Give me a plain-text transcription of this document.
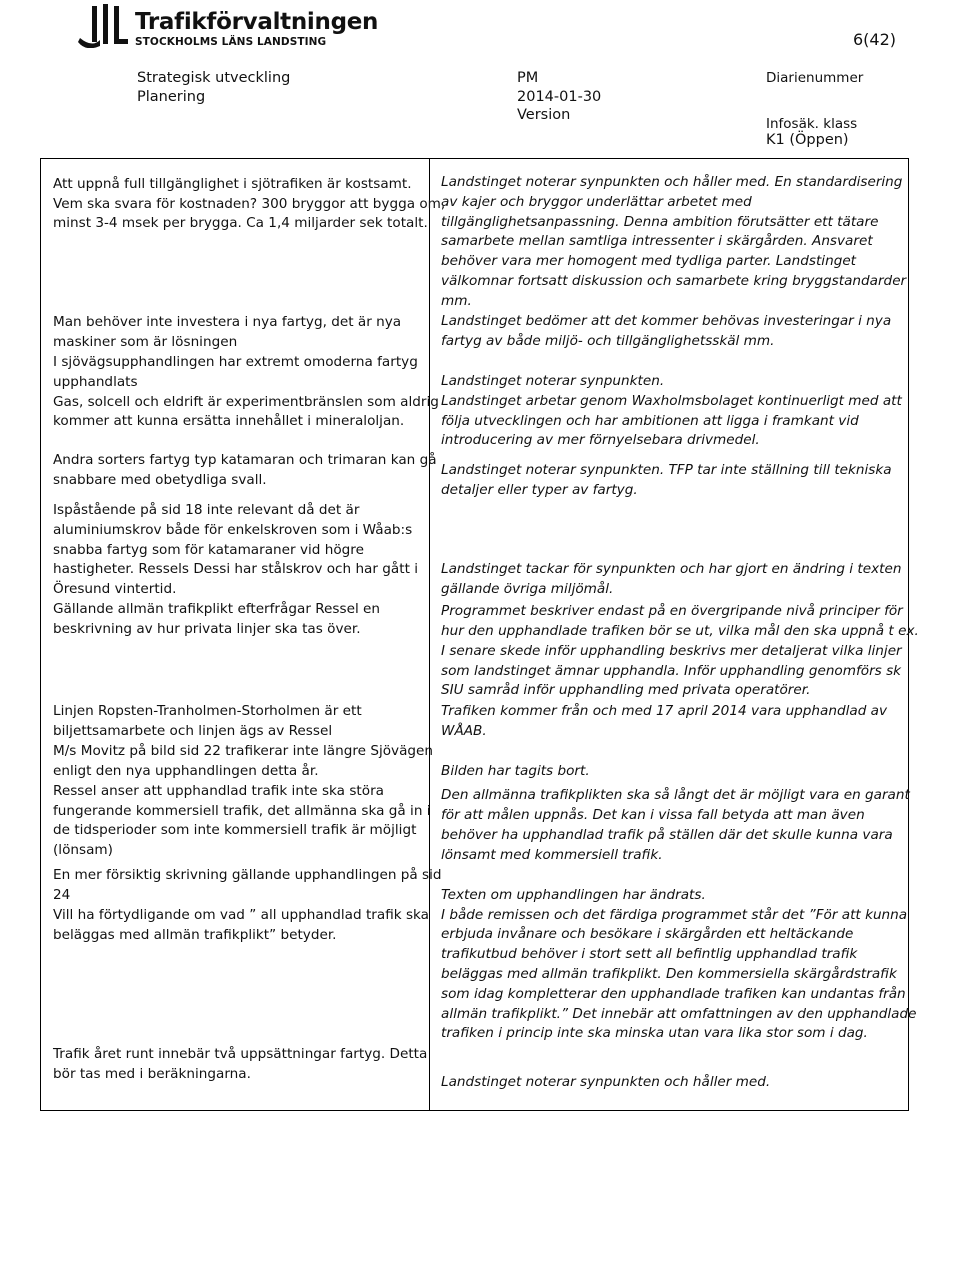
Trafikförvaltningen
STOCKHOLMS LÄNS LANDSTING	6(42)
Strategisk utveckling
Planering
PM
2014-01-30
Version
Diarienummer
Infosäk. klass
K1 (Öppen)
Att uppnå full tillgänglighet i sjötrafiken är kostsamt.
Vem ska svara för kostnaden? 300 bryggor att bygga om,
minst 3-4 msek per brygga. Ca 1,4 miljarder sek totalt.
Man behöver inte investera i nya fartyg, det är nya
maskiner som är lösningen
I sjövägsupphandlingen har extremt omoderna fartyg
upphandlats
Gas, solcell och eldrift är experimentbränslen som aldrig
kommer att kunna ersätta innehållet i mineraloljan.
Andra sorters fartyg typ katamaran och trimaran kan gå
snabbare med obetydliga svall.
Ispåstående på sid 18 inte relevant då det är
aluminiumskrov både för enkelskroven som i Wåab:s
snabba fartyg som för katamaraner vid högre
hastigheter. Ressels Dessi har stålskrov och har gått i
Öresund vintertid.
Gällande allmän trafikplikt efterfrågar Ressel en
beskrivning av hur privata linjer ska tas över.
Linjen Ropsten-Tranholmen-Storholmen är ett
biljettsamarbete och linjen ägs av Ressel
M/s Movitz på bild sid 22 trafikerar inte längre Sjövägen
enligt den nya upphandlingen detta år.
Ressel anser att upphandlad trafik inte ska störa
fungerande kommersiell trafik, det allmänna ska gå in i
de tidsperioder som inte kommersiell trafik är möjligt
(lönsam)
En mer försiktig skrivning gällande upphandlingen på sid
24
Vill ha förtydligande om vad ” all upphandlad trafik ska
beläggas med allmän trafikplikt” betyder.
Trafik året runt innebär två uppsättningar fartyg. Detta
bör tas med i beräkningarna.
Landstinget noterar synpunkten och håller med. En standardisering
av kajer och bryggor underlättar arbetet med
tillgänglighetsanpassning. Denna ambition förutsätter ett tätare
samarbete mellan samtliga intressenter i skärgården. Ansvaret
behöver vara mer homogent med tydliga parter. Landstinget
välkomnar fortsatt diskussion och samarbete kring bryggstandarder
mm.
Landstinget bedömer att det kommer behövas investeringar i nya
fartyg av både miljö- och tillgänglighetsskäl mm.
Landstinget noterar synpunkten.
Landstinget arbetar genom Waxholmsbolaget kontinuerligt med att
följa utvecklingen och har ambitionen att ligga i framkant vid
introducering av mer förnyelsebara drivmedel.
Landstinget noterar synpunkten. TFP tar inte ställning till tekniska
detaljer eller typer av fartyg.
Landstinget tackar för synpunkten och har gjort en ändring i texten
gällande övriga miljömål.
Programmet beskriver endast på en övergripande nivå principer för
hur den upphandlade trafiken bör se ut, vilka mål den ska uppnå t ex.
I senare skede inför upphandling beskrivs mer detaljerat vilka linjer
som landstinget ämnar upphandla. Inför upphandling genomförs sk
SIU samråd inför upphandling med privata operatörer.
Trafiken kommer från och med 17 april 2014 vara upphandlad av
WÅAB.
Bilden har tagits bort.
Den allmänna trafikplikten ska så långt det är möjligt vara en garant
för att målen uppnås. Det kan i vissa fall betyda att man även
behöver ha upphandlad trafik på ställen där det skulle kunna vara
lönsamt med kommersiell trafik.
Texten om upphandlingen har ändrats.
I både remissen och det färdiga programmet står det ”För att kunna
erbjuda invånare och besökare i skärgården ett heltäckande
trafikutbud behöver i stort sett all befintlig upphandlad trafik
beläggas med allmän trafikplikt. Den kommersiella skärgårdstrafik
som idag kompletterar den upphandlade trafiken kan undantas från
allmän trafikplikt.” Det innebär att omfattningen av den upphandlade
trafiken i princip inte ska minska utan vara lika stor som i dag.
Landstinget noterar synpunkten och håller med.
